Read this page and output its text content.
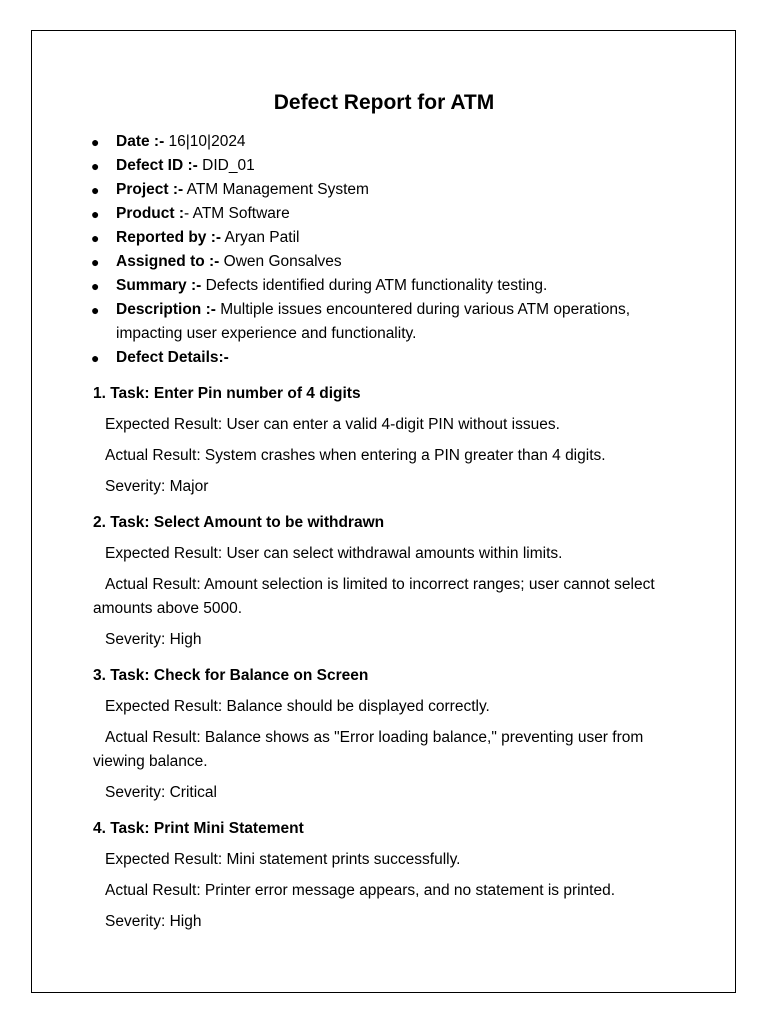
Defect Report for ATM
● Date :- 16|10|2024
● Defect ID :- DID_01
● Project :- ATM Management System
● Product :- ATM Software
● Reported by :- Aryan Patil
● Assigned to :- Owen Gonsalves
● Summary :- Defects identified during ATM functionality testing.
● Description :- Multiple issues encountered during various ATM operations, impacting user experience and functionality.
● Defect Details:-
1. Task: Enter Pin number of 4 digits

Expected Result: User can enter a valid 4-digit PIN without issues.

Actual Result: System crashes when entering a PIN greater than 4 digits.

Severity: Major

2. Task: Select Amount to be withdrawn

Expected Result: User can select withdrawal amounts within limits.

Actual Result: Amount selection is limited to incorrect ranges; user cannot select amounts above 5000.

Severity: High

3. Task: Check for Balance on Screen

Expected Result: Balance should be displayed correctly.

Actual Result: Balance shows as "Error loading balance," preventing user from viewing balance.

Severity: Critical

4. Task: Print Mini Statement

Expected Result: Mini statement prints successfully.

Actual Result: Printer error message appears, and no statement is printed.

Severity: High
